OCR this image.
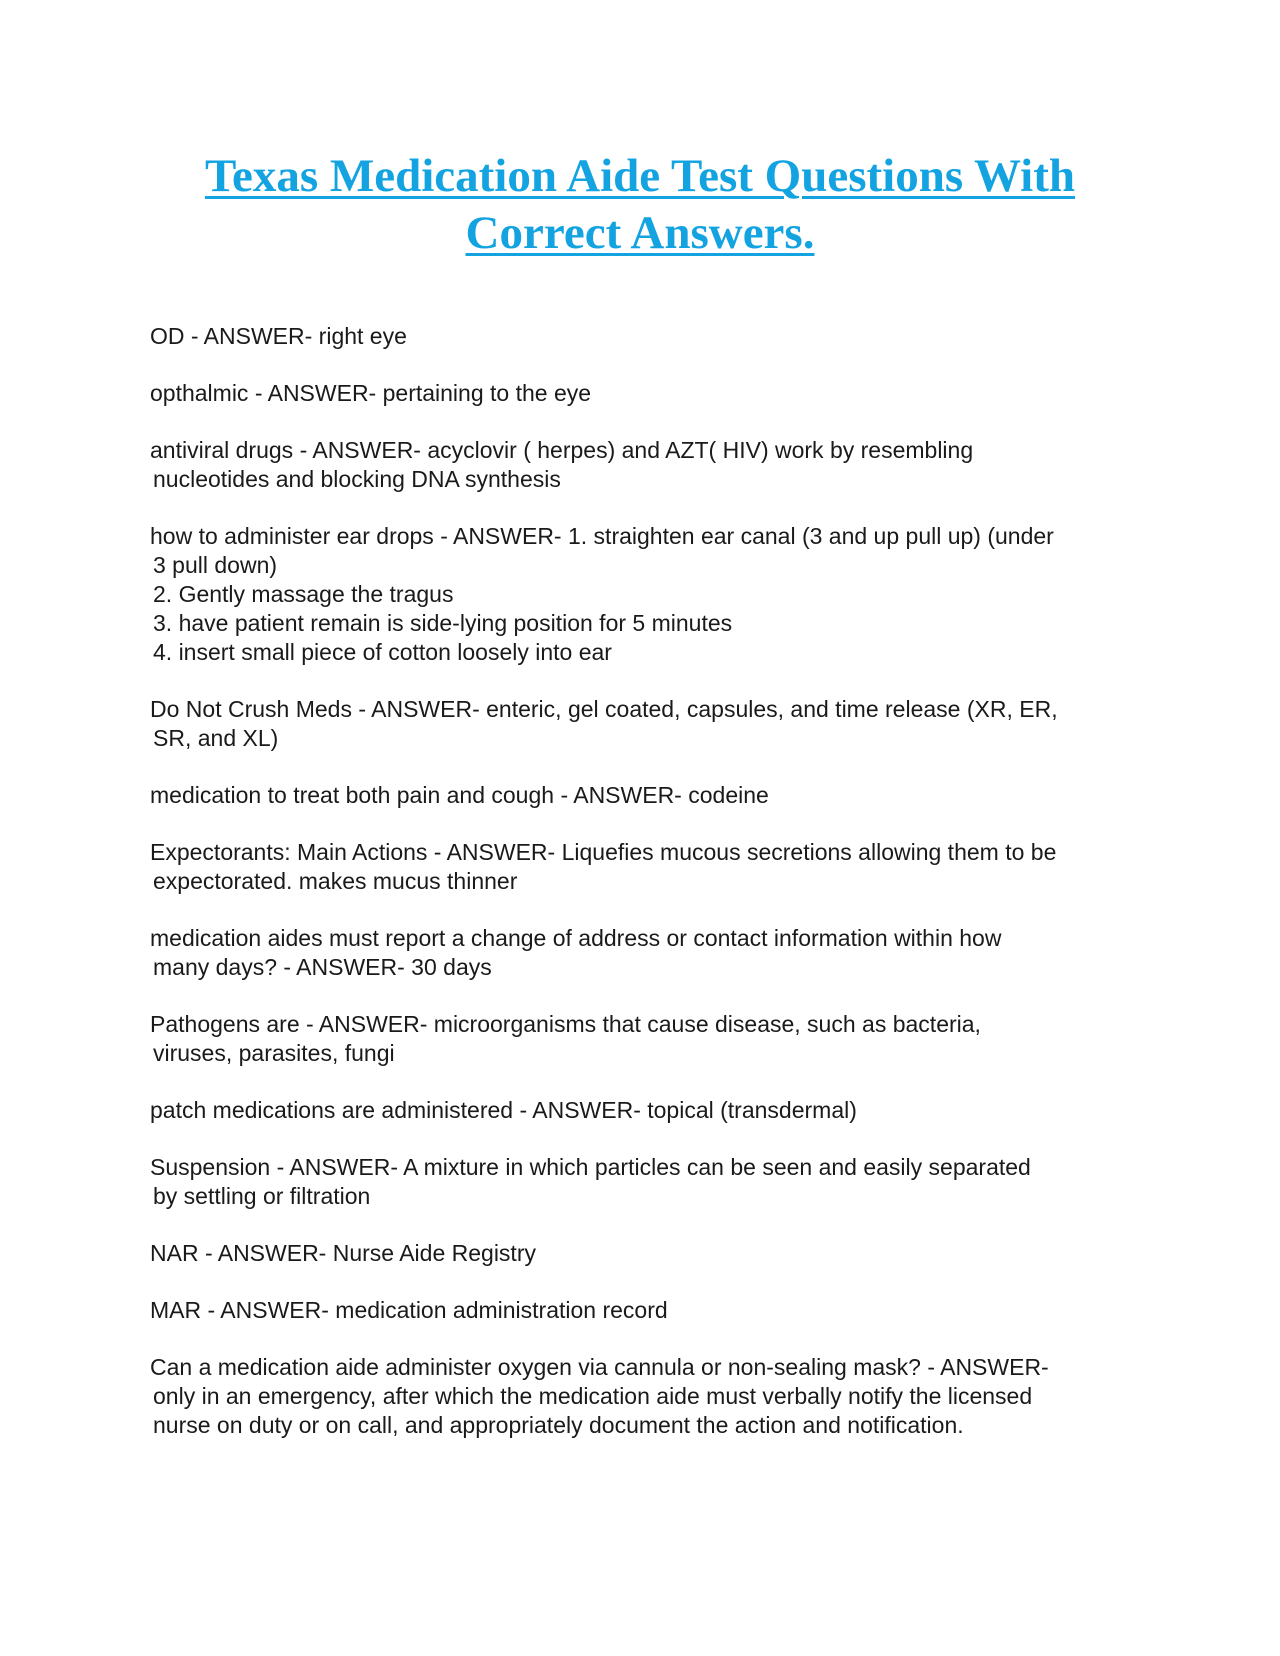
Texas Medication Aide Test Questions With
Correct Answers.
OD - ANSWER- right eye
opthalmic - ANSWER- pertaining to the eye
antiviral drugs - ANSWER- acyclovir ( herpes) and AZT( HIV) work by resembling
nucleotides and blocking DNA synthesis
how to administer ear drops - ANSWER- 1. straighten ear canal (3 and up pull up) (under
3 pull down)
2. Gently massage the tragus
3. have patient remain is side-lying position for 5 minutes
4. insert small piece of cotton loosely into ear
Do Not Crush Meds - ANSWER- enteric, gel coated, capsules, and time release (XR, ER,
SR, and XL)
medication to treat both pain and cough - ANSWER- codeine
Expectorants: Main Actions - ANSWER- Liquefies mucous secretions allowing them to be
expectorated. makes mucus thinner
medication aides must report a change of address or contact information within how
many days? - ANSWER- 30 days
Pathogens are - ANSWER- microorganisms that cause disease, such as bacteria,
viruses, parasites, fungi
patch medications are administered - ANSWER- topical (transdermal)
Suspension - ANSWER- A mixture in which particles can be seen and easily separated
by settling or filtration
NAR - ANSWER- Nurse Aide Registry
MAR - ANSWER- medication administration record
Can a medication aide administer oxygen via cannula or non-sealing mask? - ANSWER-
only in an emergency, after which the medication aide must verbally notify the licensed
nurse on duty or on call, and appropriately document the action and notification.
